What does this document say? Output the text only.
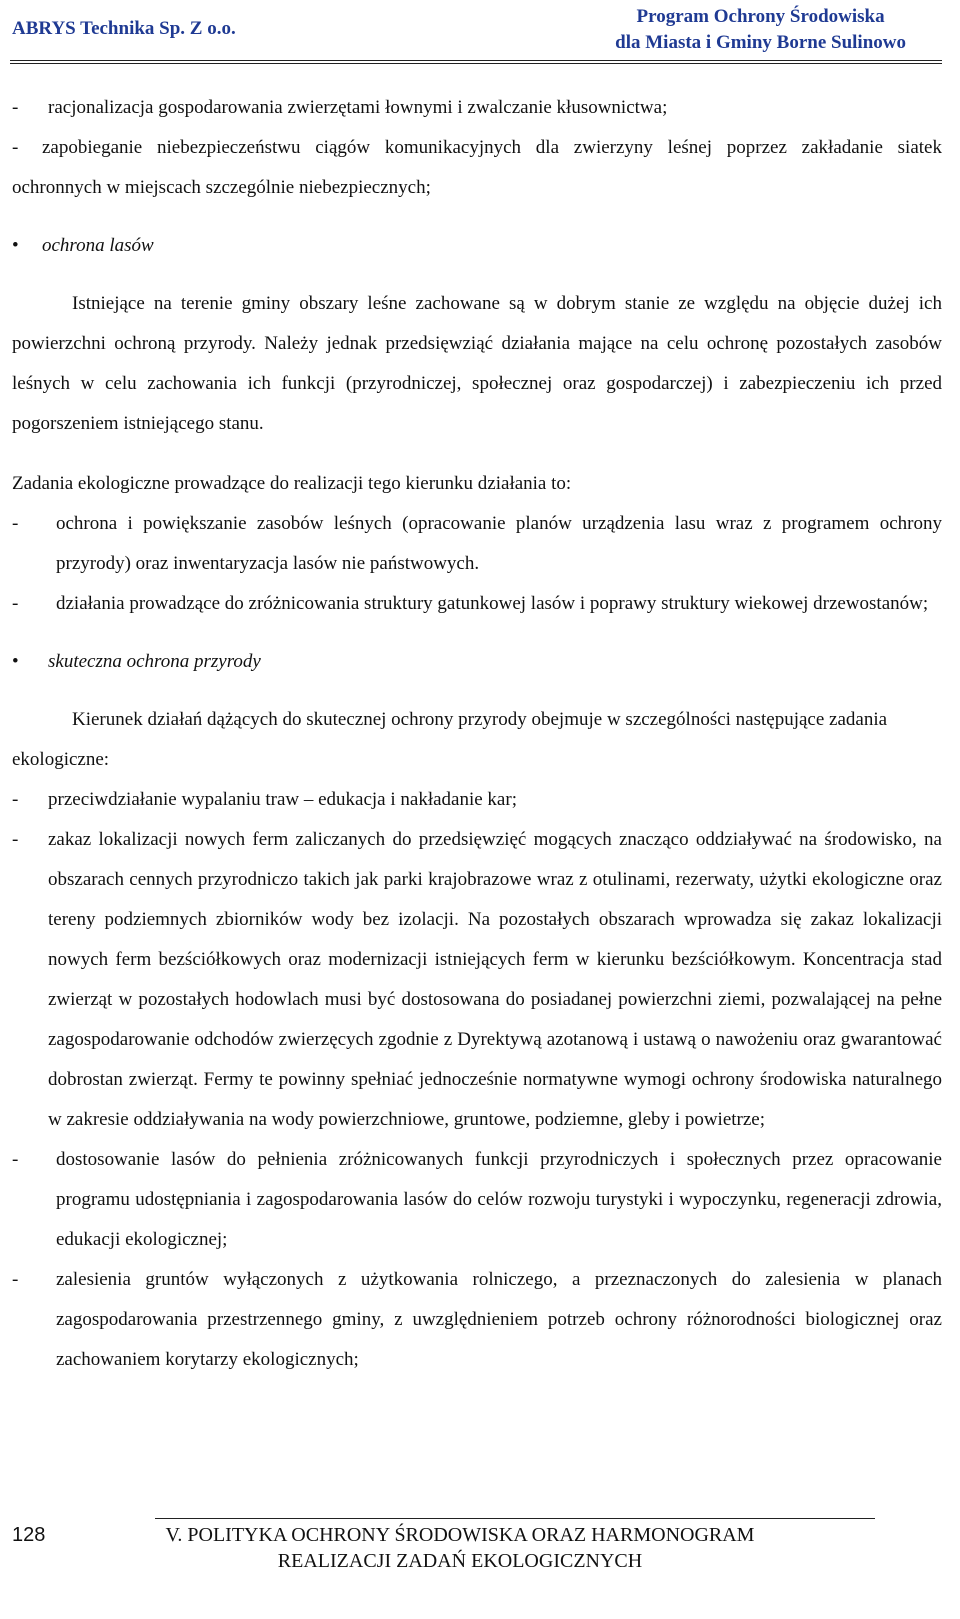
ABRYS Technika Sp. Z o.o.
Program Ochrony Środowiska
dla Miasta i Gminy Borne Sulinowo
-	racjonalizacja gospodarowania zwierzętami łownymi i zwalczanie kłusownictwa;

-	zapobieganie niebezpieczeństwu ciągów komunikacyjnych dla zwierzyny leśnej poprzez zakładanie siatek ochronnych w miejscach szczególnie niebezpiecznych;

• ochrona lasów

Istniejące na terenie gminy obszary leśne zachowane są w dobrym stanie ze względu na objęcie dużej ich powierzchni ochroną przyrody. Należy jednak przedsięwziąć działania mające na celu ochronę pozostałych zasobów leśnych w celu zachowania ich funkcji (przyrodniczej, społecznej oraz gospodarczej) i zabezpieczeniu ich przed pogorszeniem istniejącego stanu.

Zadania ekologiczne prowadzące do realizacji tego kierunku działania to:

-	ochrona i powiększanie zasobów leśnych (opracowanie planów urządzenia lasu wraz z programem ochrony przyrody) oraz inwentaryzacja lasów nie państwowych.

-	działania prowadzące do zróżnicowania struktury gatunkowej lasów i poprawy struktury wiekowej drzewostanów;

• skuteczna ochrona przyrody

Kierunek działań dążących do skutecznej ochrony przyrody obejmuje w szczególności następujące zadania ekologiczne:

-	przeciwdziałanie wypalaniu traw – edukacja i nakładanie kar;

-	zakaz lokalizacji nowych ferm zaliczanych do przedsięwzięć mogących znacząco oddziaływać na środowisko, na obszarach cennych przyrodniczo takich jak parki krajobrazowe wraz z otulinami, rezerwaty, użytki ekologiczne oraz tereny podziemnych zbiorników wody bez izolacji. Na pozostałych obszarach wprowadza się zakaz lokalizacji nowych ferm bezściółkowych oraz modernizacji istniejących ferm w kierunku bezściółkowym. Koncentracja stad zwierząt w pozostałych hodowlach musi być dostosowana do posiadanej powierzchni ziemi, pozwalającej na pełne zagospodarowanie odchodów zwierzęcych zgodnie z Dyrektywą azotanową i ustawą o nawożeniu oraz gwarantować dobrostan zwierząt. Fermy te powinny spełniać jednocześnie normatywne wymogi ochrony środowiska naturalnego w zakresie oddziaływania na wody powierzchniowe, gruntowe, podziemne, gleby i powietrze;

-	dostosowanie lasów do pełnienia zróżnicowanych funkcji przyrodniczych i społecznych przez opracowanie programu udostępniania i zagospodarowania lasów do celów rozwoju turystyki i wypoczynku, regeneracji zdrowia, edukacji ekologicznej;

-	zalesienia gruntów wyłączonych z użytkowania rolniczego, a przeznaczonych do zalesienia w planach zagospodarowania przestrzennego gminy, z uwzględnieniem potrzeb ochrony różnorodności biologicznej oraz zachowaniem korytarzy ekologicznych;

128	V. POLITYKA OCHRONY ŚRODOWISKA ORAZ HARMONOGRAM
REALIZACJI ZADAŃ EKOLOGICZNYCH
